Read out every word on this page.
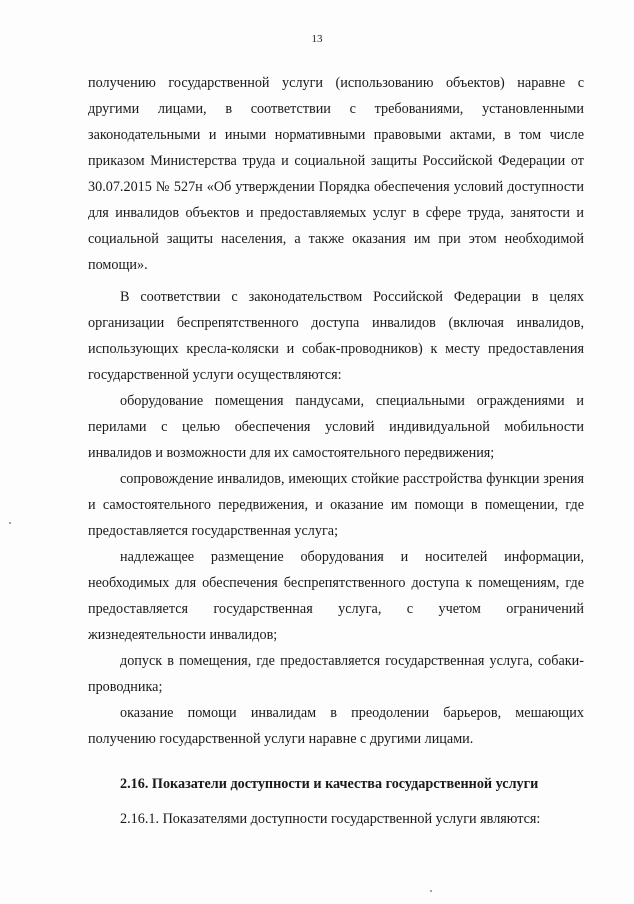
13

получению государственной услуги (использованию объектов) наравне с другими лицами, в соответствии с требованиями, установленными законодательными и иными нормативными правовыми актами, в том числе приказом Министерства труда и социальной защиты Российской Федерации от 30.07.2015 № 527н «Об утверждении Порядка обеспечения условий доступности для инвалидов объектов и предоставляемых услуг в сфере труда, занятости и социальной защиты населения, а также оказания им при этом необходимой помощи».

В соответствии с законодательством Российской Федерации в целях организации беспрепятственного доступа инвалидов (включая инвалидов, использующих кресла-коляски и собак-проводников) к месту предоставления государственной услуги осуществляются:

оборудование помещения пандусами, специальными ограждениями и перилами с целью обеспечения условий индивидуальной мобильности инвалидов и возможности для их самостоятельного передвижения;

сопровождение инвалидов, имеющих стойкие расстройства функции зрения и самостоятельного передвижения, и оказание им помощи в помещении, где предоставляется государственная услуга;

надлежащее размещение оборудования и носителей информации, необходимых для обеспечения беспрепятственного доступа к помещениям, где предоставляется государственная услуга, с учетом ограничений жизнедеятельности инвалидов;

допуск в помещения, где предоставляется государственная услуга, собаки-проводника;

оказание помощи инвалидам в преодолении барьеров, мешающих получению государственной услуги наравне с другими лицами.

2.16. Показатели доступности и качества государственной услуги

2.16.1. Показателями доступности государственной услуги являются:
